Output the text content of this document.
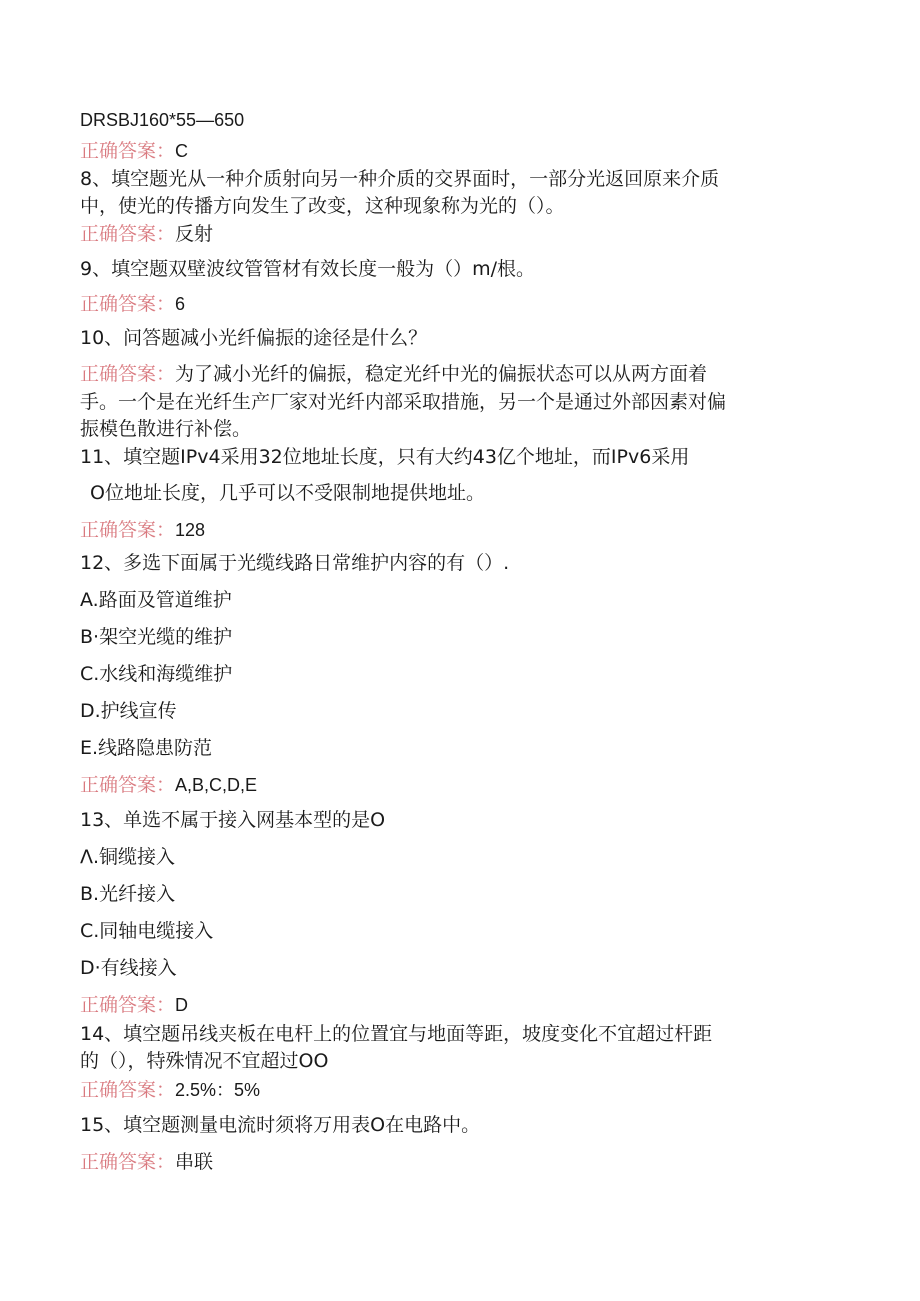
DRSBJ160*55—650
正确答案：C
8、填空题光从一种介质射向另一种介质的交界面时，一部分光返回原来介质
中，使光的传播方向发生了改变，这种现象称为光的（）。
正确答案：反射
9、填空题双壁波纹管管材有效长度一般为（）m/根。
正确答案：6
10、问答题减小光纤偏振的途径是什么？
正确答案：为了减小光纤的偏振，稳定光纤中光的偏振状态可以从两方面着
手。一个是在光纤生产厂家对光纤内部采取措施，另一个是通过外部因素对偏
振模色散进行补偿。
11、填空题IPv4采用32位地址长度，只有大约43亿个地址，而IPv6采用
O位地址长度，几乎可以不受限制地提供地址。
正确答案：128
12、多选下面属于光缆线路日常维护内容的有（）.
A.路面及管道维护
B·架空光缆的维护
C.水线和海缆维护
D.护线宣传
E.线路隐患防范
正确答案：A,B,C,D,E
13、单选不属于接入网基本型的是O
Λ.铜缆接入
B.光纤接入
C.同轴电缆接入
D·有线接入
正确答案：D
14、填空题吊线夹板在电杆上的位置宜与地面等距，坡度变化不宜超过杆距
的（），特殊情况不宜超过OO
正确答案：2.5%：5%
15、填空题测量电流时须将万用表O在电路中。
正确答案：串联
